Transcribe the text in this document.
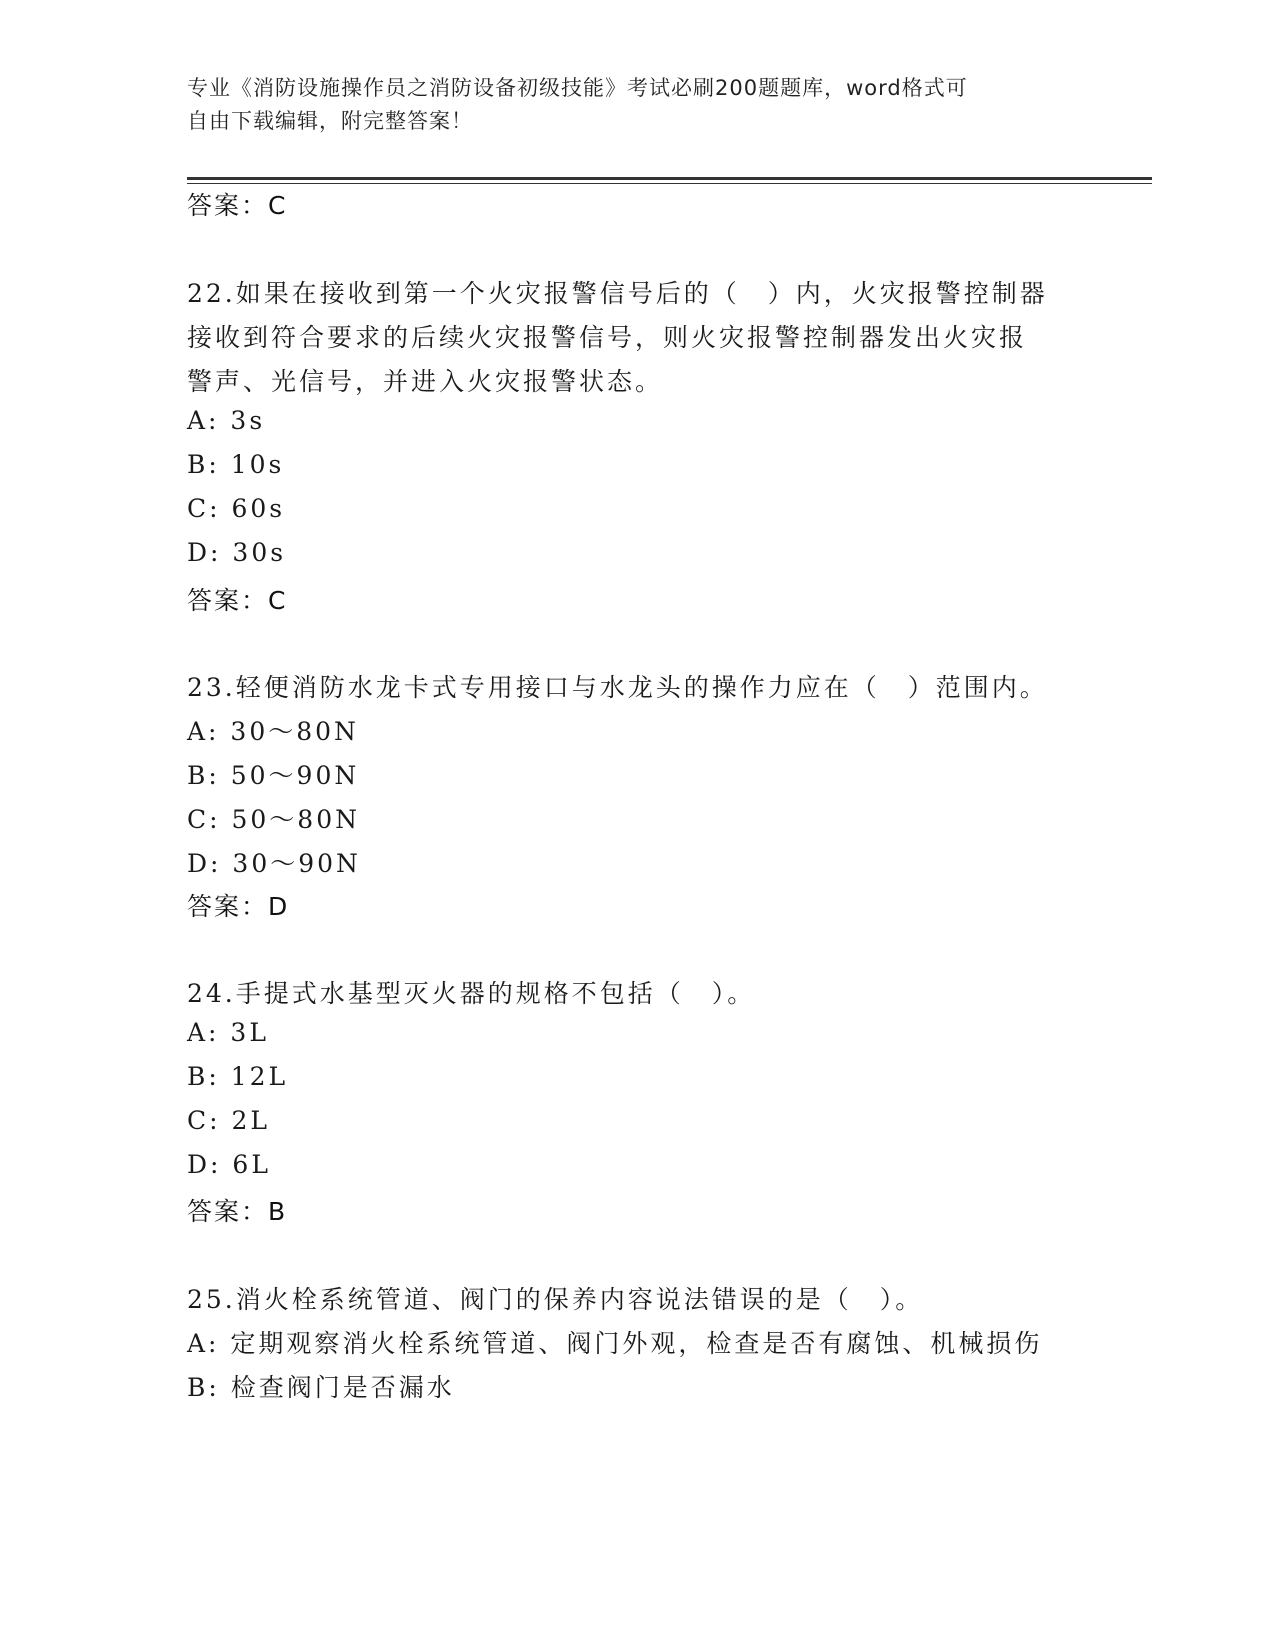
专业《消防设施操作员之消防设备初级技能》考试必刷200题题库，word格式可
自由下载编辑，附完整答案！
答案：C
22.如果在接收到第一个火灾报警信号后的（　）内，火灾报警控制器
接收到符合要求的后续火灾报警信号，则火灾报警控制器发出火灾报
警声、光信号，并进入火灾报警状态。
A: 3s
B: 10s
C: 60s
D: 30s
答案：C
23.轻便消防水龙卡式专用接口与水龙头的操作力应在（　）范围内。
A: 30～80N
B: 50～90N
C: 50～80N
D: 30～90N
答案：D
24.手提式水基型灭火器的规格不包括（　）。
A: 3L
B: 12L
C: 2L
D: 6L
答案：B
25.消火栓系统管道、阀门的保养内容说法错误的是（　）。
A: 定期观察消火栓系统管道、阀门外观，检查是否有腐蚀、机械损伤
B: 检查阀门是否漏水
